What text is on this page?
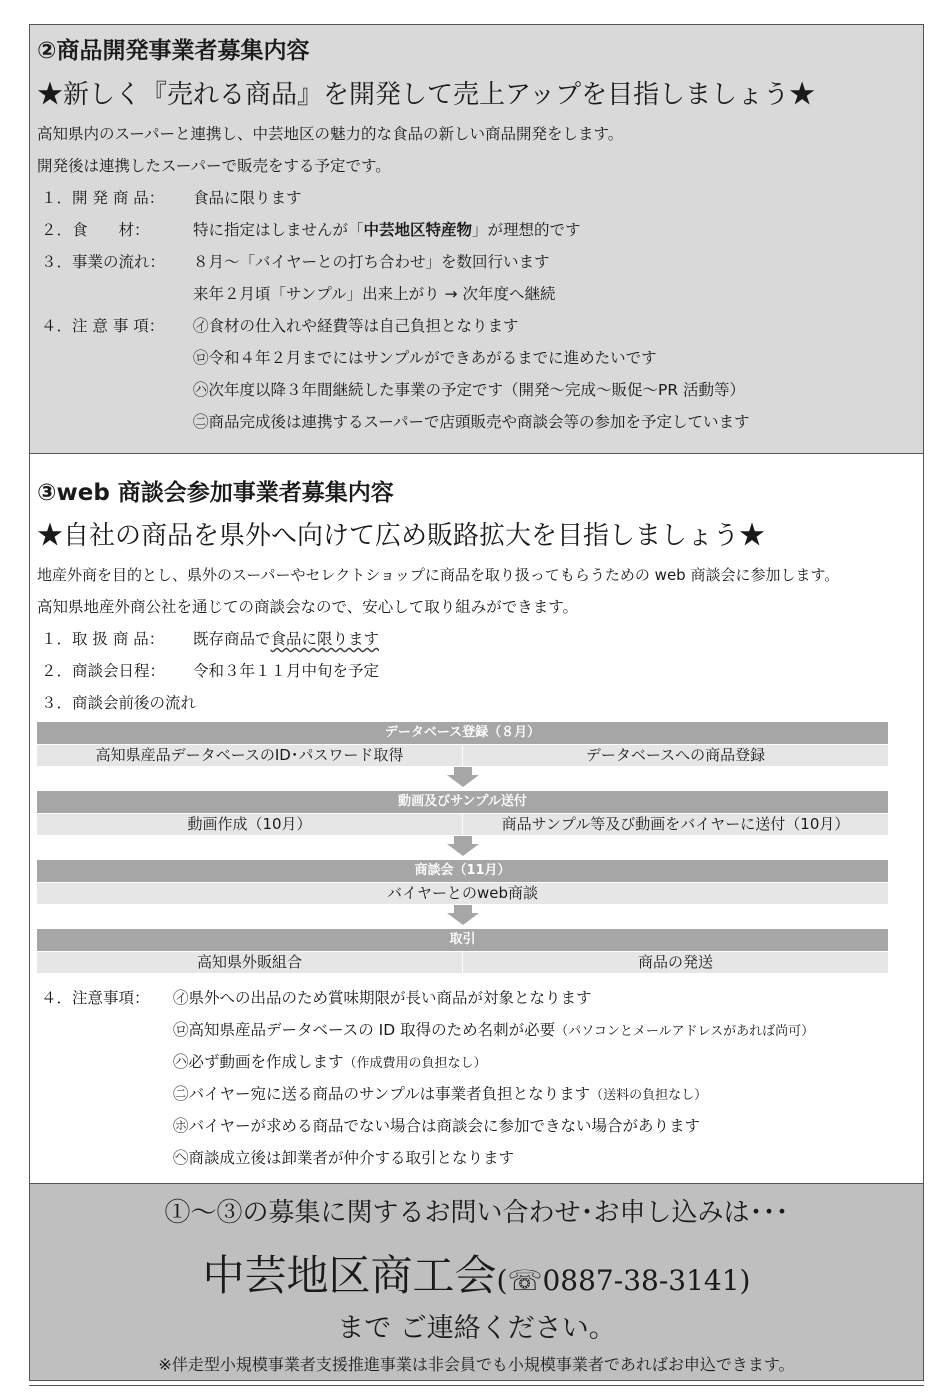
②商品開発事業者募集内容
★新しく『売れる商品』を開発して売上アップを目指しましょう★
高知県内のスーパーと連携し、中芸地区の魅力的な食品の新しい商品開発をします。
開発後は連携したスーパーで販売をする予定です。
１．開 発 商 品： 食品に限ります
２．食　　材：	特に指定はしませんが「中芸地区特産物」が理想的です
３．事業の流れ： ８月～「バイヤーとの打ち合わせ」を数回行います
来年２月頃「サンプル」出来上がり → 次年度へ継続
４．注 意 事 項： ㋑食材の仕入れや経費等は自己負担となります
㋺令和４年２月までにはサンプルができあがるまでに進めたいです
㋩次年度以降３年間継続した事業の予定です（開発～完成～販促～PR 活動等）
㊁商品完成後は連携するスーパーで店頭販売や商談会等の参加を予定しています
③web 商談会参加事業者募集内容
★自社の商品を県外へ向けて広め販路拡大を目指しましょう★
地産外商を目的とし、県外のスーパーやセレクトショップに商品を取り扱ってもらうための web 商談会に参加します。
高知県地産外商公社を通じての商談会なので、安心して取り組みができます。
１．取 扱 商 品： 既存商品で食品に限ります
２．商談会日程： 令和３年１１月中旬を予定
３．商談会前後の流れ
データベース登録（８月）
高知県産品データベースのID･パスワード取得	データベースへの商品登録
動画及びサンプル送付
動画作成（10月）	商品サンプル等及び動画をバイヤーに送付（10月）
商談会（11月）
バイヤーとのweb商談
取引
高知県外販組合	商品の発送
４．注意事項： ㋑県外への出品のため賞味期限が長い商品が対象となります
㋺高知県産品データベースの ID 取得のため名刺が必要（パソコンとメールアドレスがあれば尚可）
㋩必ず動画を作成します（作成費用の負担なし）
㊁バイヤー宛に送る商品のサンプルは事業者負担となります（送料の負担なし）
㋭バイヤーが求める商品でない場合は商談会に参加できない場合があります
㋬商談成立後は卸業者が仲介する取引となります
①～③の募集に関するお問い合わせ･お申し込みは･･･
中芸地区商工会(☏0887-38-3141)
まで ご連絡ください。
※伴走型小規模事業者支援推進事業は非会員でも小規模事業者であればお申込できます。
